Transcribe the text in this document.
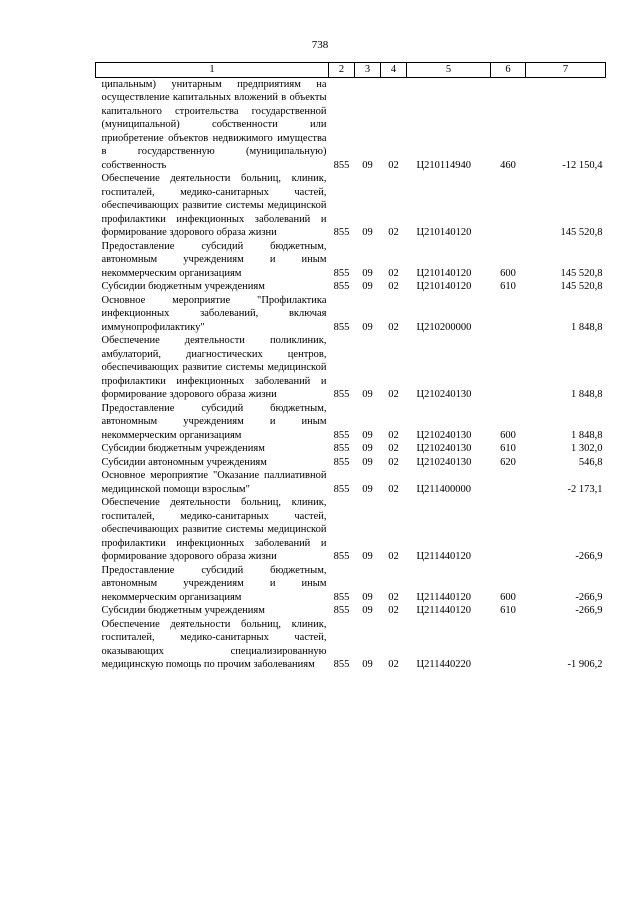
738
1	2	3	4	5	6	7
ципальным) унитарным предприятиям на осуществление капитальных вложений в объекты капитального строительства государственной (муниципальной) собственности или приобретение объектов недвижимого имущества в государственную (муниципальную) собственность	855	09	02	Ц210114940	460	-12 150,4
Обеспечение деятельности больниц, клиник, госпиталей, медико-санитарных частей, обеспечивающих развитие системы медицинской профилактики инфекционных заболеваний и формирование здорового образа жизни	855	09	02	Ц210140120		145 520,8
Предоставление субсидий бюджетным, автономным учреждениям и иным некоммерческим организациям	855	09	02	Ц210140120	600	145 520,8
Субсидии бюджетным учреждениям	855	09	02	Ц210140120	610	145 520,8
Основное мероприятие "Профилактика инфекционных заболеваний, включая иммунопрофилактику"	855	09	02	Ц210200000		1 848,8
Обеспечение деятельности поликлиник, амбулаторий, диагностических центров, обеспечивающих развитие системы медицинской профилактики инфекционных заболеваний и формирование здорового образа жизни	855	09	02	Ц210240130		1 848,8
Предоставление субсидий бюджетным, автономным учреждениям и иным некоммерческим организациям	855	09	02	Ц210240130	600	1 848,8
Субсидии бюджетным учреждениям	855	09	02	Ц210240130	610	1 302,0
Субсидии автономным учреждениям	855	09	02	Ц210240130	620	546,8
Основное мероприятие "Оказание паллиативной медицинской помощи взрослым"	855	09	02	Ц211400000		-2 173,1
Обеспечение деятельности больниц, клиник, госпиталей, медико-санитарных частей, обеспечивающих развитие системы медицинской профилактики инфекционных заболеваний и формирование здорового образа жизни	855	09	02	Ц211440120		-266,9
Предоставление субсидий бюджетным, автономным учреждениям и иным некоммерческим организациям	855	09	02	Ц211440120	600	-266,9
Субсидии бюджетным учреждениям	855	09	02	Ц211440120	610	-266,9
Обеспечение деятельности больниц, клиник, госпиталей, медико-санитарных частей, оказывающих специализированную медицинскую помощь по прочим заболеваниям	855	09	02	Ц211440220		-1 906,2
